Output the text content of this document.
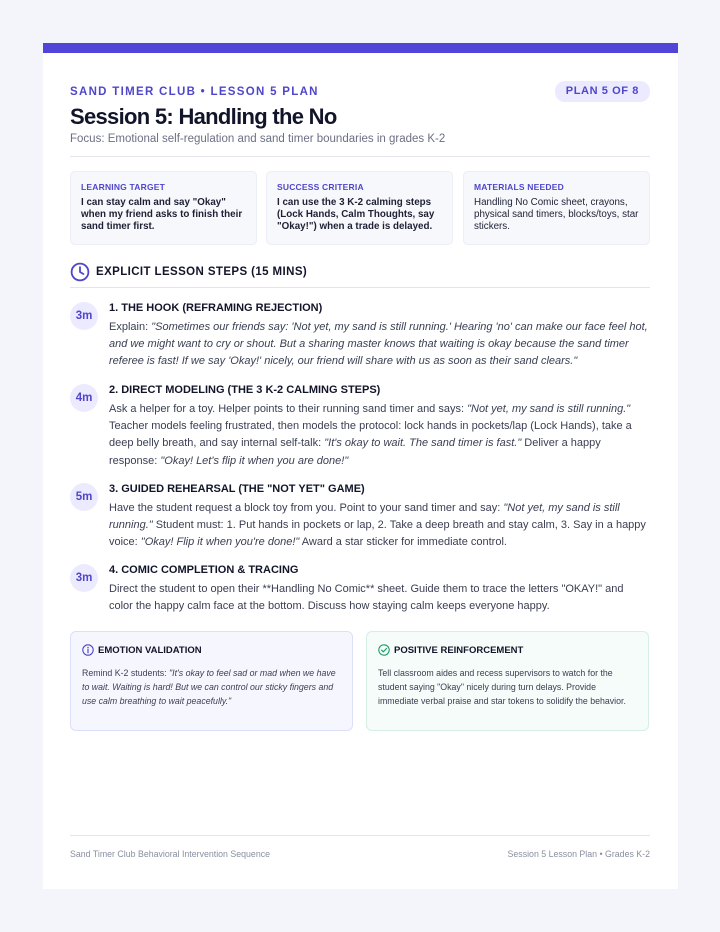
SAND TIMER CLUB • LESSON 5 PLAN	PLAN 5 OF 8
Session 5: Handling the No
Focus: Emotional self-regulation and sand timer boundaries in grades K-2
LEARNING TARGET
I can stay calm and say "Okay" when my friend asks to finish their sand timer first.
SUCCESS CRITERIA
I can use the 3 K-2 calming steps (Lock Hands, Calm Thoughts, say "Okay!") when a trade is delayed.
MATERIALS NEEDED
Handling No Comic sheet, crayons, physical sand timers, blocks/toys, star stickers.
EXPLICIT LESSON STEPS (15 MINS)
3m
1. THE HOOK (REFRAMING REJECTION)
Explain: "Sometimes our friends say: 'Not yet, my sand is still running.' Hearing 'no' can make our face feel hot, and we might want to cry or shout. But a sharing master knows that waiting is okay because the sand timer referee is fast! If we say 'Okay!' nicely, our friend will share with us as soon as their sand clears."
4m
2. DIRECT MODELING (THE 3 K-2 CALMING STEPS)
Ask a helper for a toy. Helper points to their running sand timer and says: "Not yet, my sand is still running." Teacher models feeling frustrated, then models the protocol: lock hands in pockets/lap (Lock Hands), take a deep belly breath, and say internal self-talk: "It's okay to wait. The sand timer is fast." Deliver a happy response: "Okay! Let's flip it when you are done!"
5m
3. GUIDED REHEARSAL (THE "NOT YET" GAME)
Have the student request a block toy from you. Point to your sand timer and say: "Not yet, my sand is still running." Student must: 1. Put hands in pockets or lap, 2. Take a deep breath and stay calm, 3. Say in a happy voice: "Okay! Flip it when you're done!" Award a star sticker for immediate control.
3m
4. COMIC COMPLETION & TRACING
Direct the student to open their **Handling No Comic** sheet. Guide them to trace the letters "OKAY!" and color the happy calm face at the bottom. Discuss how staying calm keeps everyone happy.
EMOTION VALIDATION
Remind K-2 students: "It's okay to feel sad or mad when we have to wait. Waiting is hard! But we can control our sticky fingers and use calm breathing to wait peacefully."
POSITIVE REINFORCEMENT
Tell classroom aides and recess supervisors to watch for the student saying "Okay" nicely during turn delays. Provide immediate verbal praise and star tokens to solidify the behavior.
Sand Timer Club Behavioral Intervention Sequence	Session 5 Lesson Plan • Grades K-2
